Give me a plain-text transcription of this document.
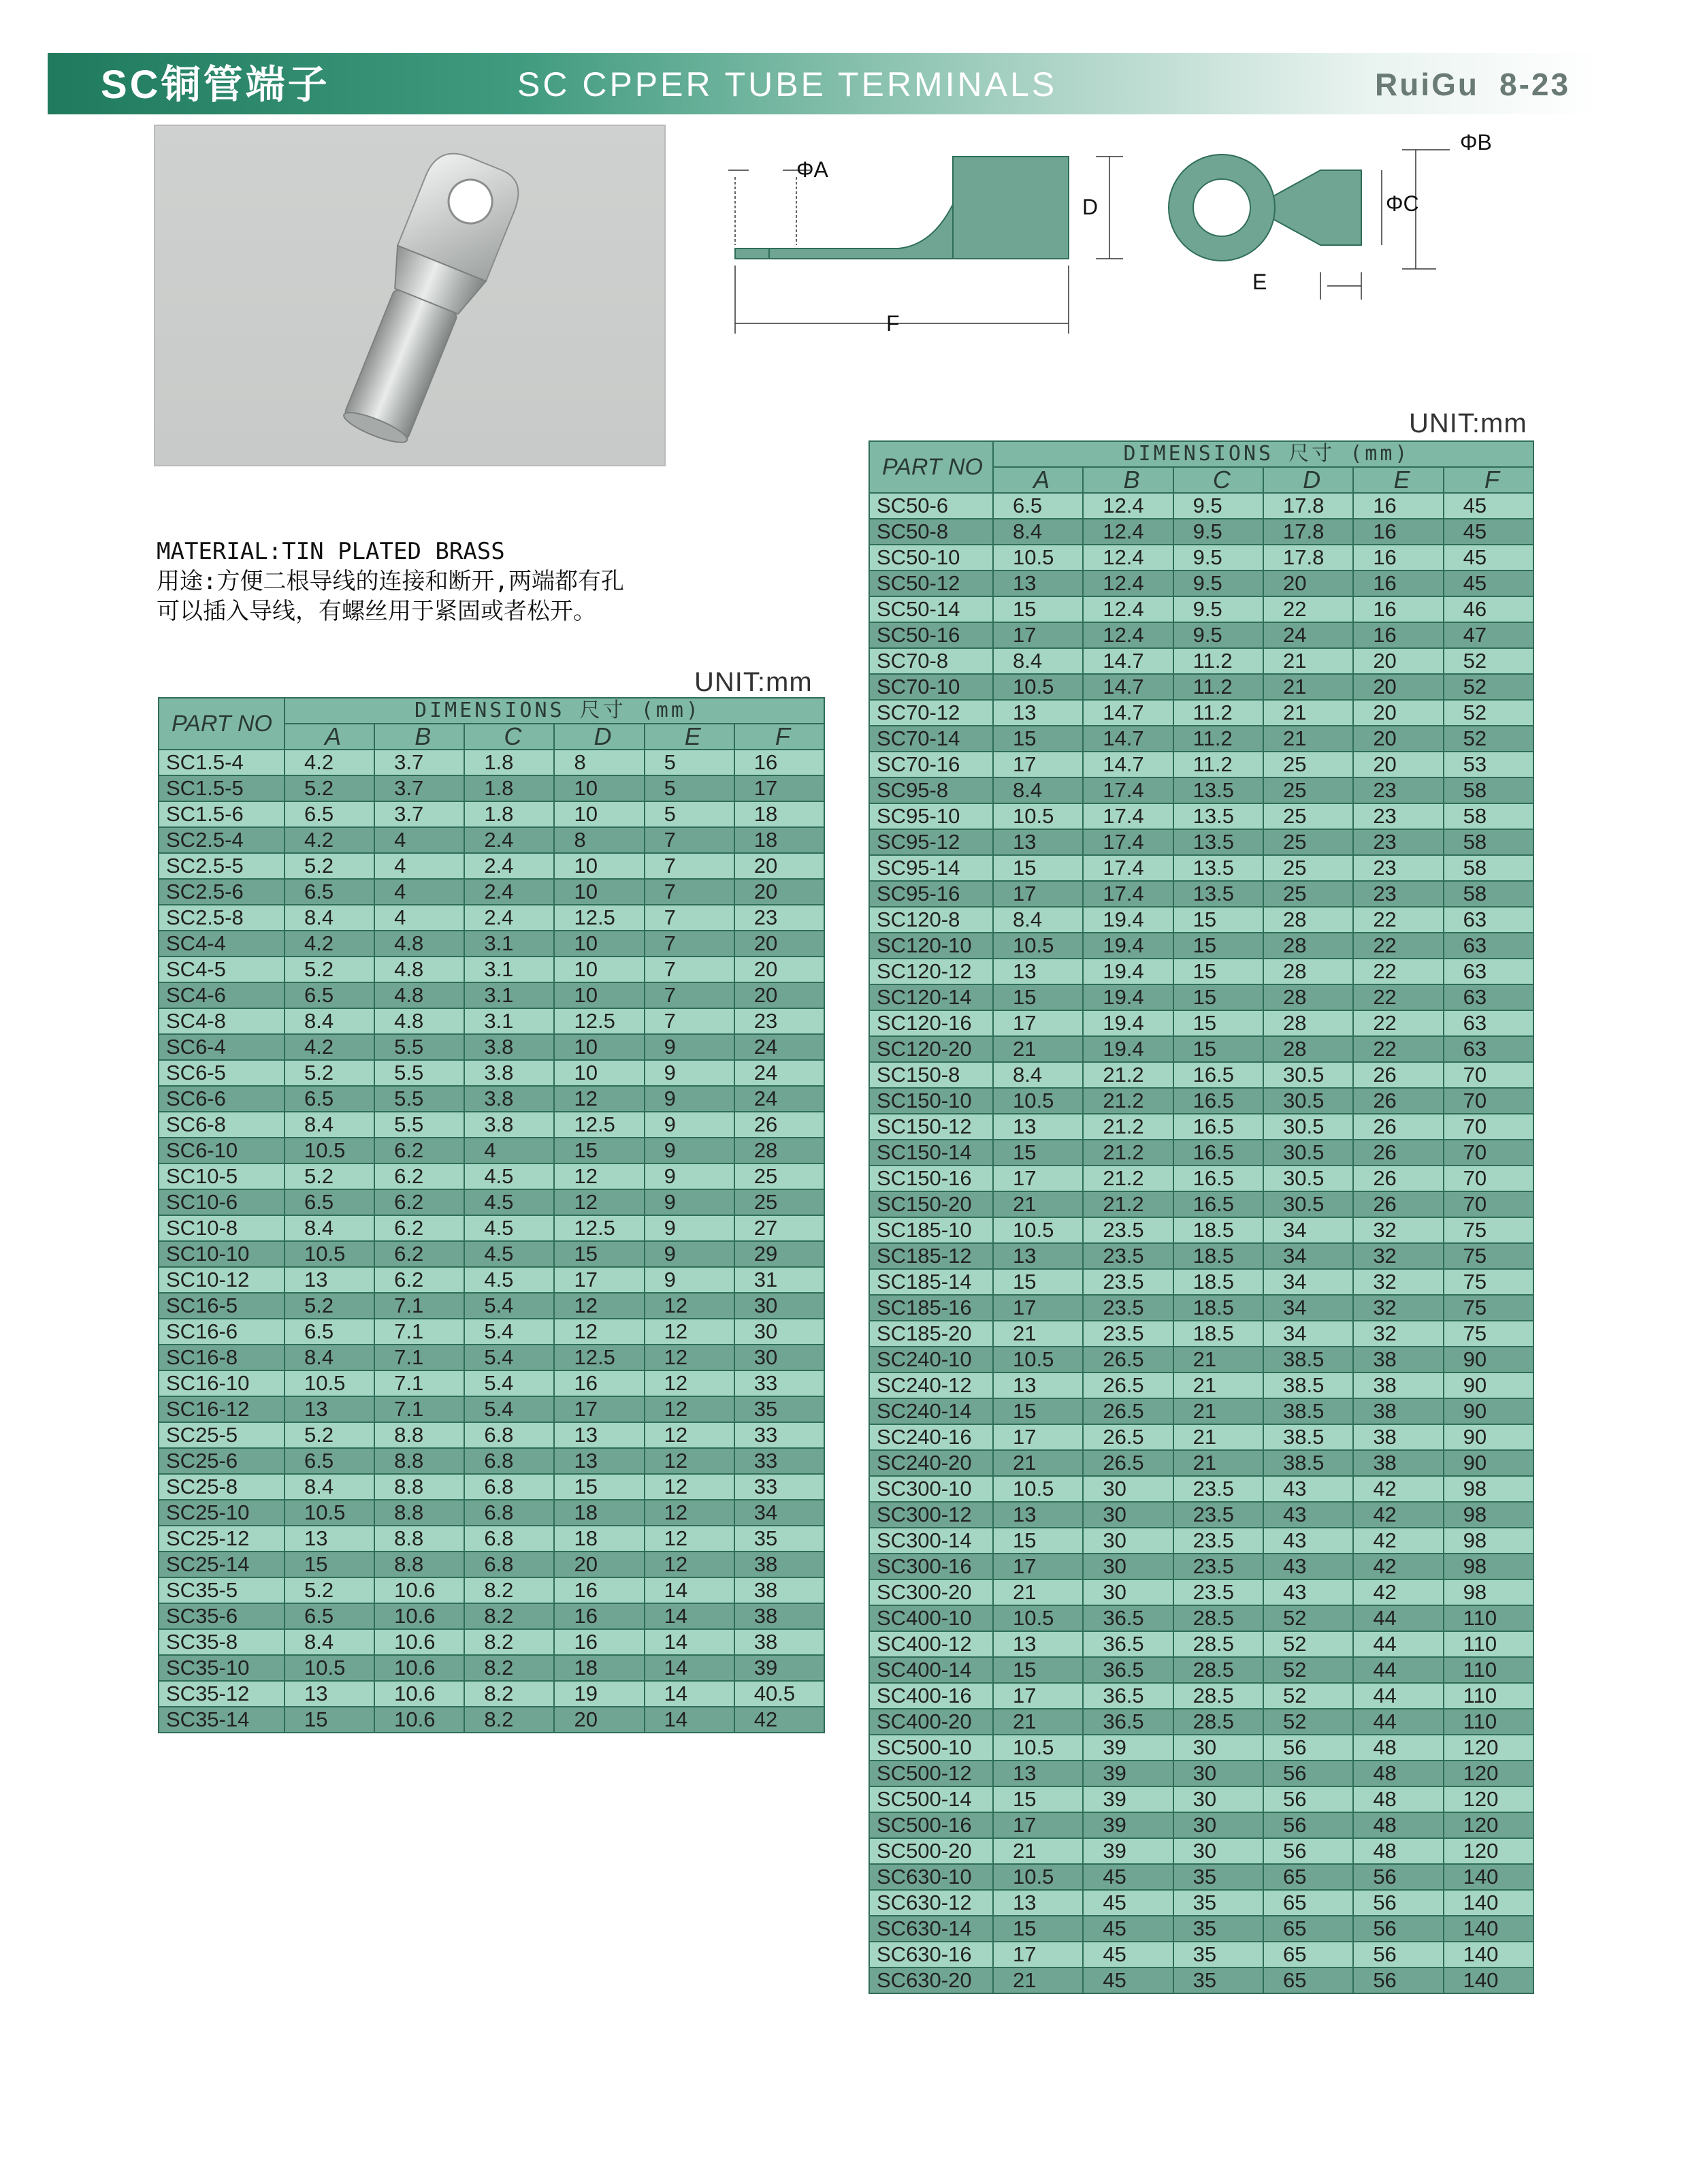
SC铜管端子	SC CPPER TUBE TERMINALS	RuiGu 8-23
ΦA
D
F
ΦB
ΦC
E
MATERIAL:TIN PLATED BRASS
用途:方便二根导线的连接和断开,两端都有孔
可以插入导线，有螺丝用于紧固或者松开。
UNIT:mm
UNIT:mm
PART NO	DIMENSIONS 尺寸 (mm)					
	A	B	C	D	E	F
SC1.5-4	4.2	3.7	1.8	8	5	16
SC1.5-5	5.2	3.7	1.8	10	5	17
SC1.5-6	6.5	3.7	1.8	10	5	18
SC2.5-4	4.2	4	2.4	8	7	18
SC2.5-5	5.2	4	2.4	10	7	20
SC2.5-6	6.5	4	2.4	10	7	20
SC2.5-8	8.4	4	2.4	12.5	7	23
SC4-4	4.2	4.8	3.1	10	7	20
SC4-5	5.2	4.8	3.1	10	7	20
SC4-6	6.5	4.8	3.1	10	7	20
SC4-8	8.4	4.8	3.1	12.5	7	23
SC6-4	4.2	5.5	3.8	10	9	24
SC6-5	5.2	5.5	3.8	10	9	24
SC6-6	6.5	5.5	3.8	12	9	24
SC6-8	8.4	5.5	3.8	12.5	9	26
SC6-10	10.5	6.2	4	15	9	28
SC10-5	5.2	6.2	4.5	12	9	25
SC10-6	6.5	6.2	4.5	12	9	25
SC10-8	8.4	6.2	4.5	12.5	9	27
SC10-10	10.5	6.2	4.5	15	9	29
SC10-12	13	6.2	4.5	17	9	31
SC16-5	5.2	7.1	5.4	12	12	30
SC16-6	6.5	7.1	5.4	12	12	30
SC16-8	8.4	7.1	5.4	12.5	12	30
SC16-10	10.5	7.1	5.4	16	12	33
SC16-12	13	7.1	5.4	17	12	35
SC25-5	5.2	8.8	6.8	13	12	33
SC25-6	6.5	8.8	6.8	13	12	33
SC25-8	8.4	8.8	6.8	15	12	33
SC25-10	10.5	8.8	6.8	18	12	34
SC25-12	13	8.8	6.8	18	12	35
SC25-14	15	8.8	6.8	20	12	38
SC35-5	5.2	10.6	8.2	16	14	38
SC35-6	6.5	10.6	8.2	16	14	38
SC35-8	8.4	10.6	8.2	16	14	38
SC35-10	10.5	10.6	8.2	18	14	39
SC35-12	13	10.6	8.2	19	14	40.5
SC35-14	15	10.6	8.2	20	14	42
PART NO	DIMENSIONS 尺寸 (mm)					
	A	B	C	D	E	F
SC50-6	6.5	12.4	9.5	17.8	16	45
SC50-8	8.4	12.4	9.5	17.8	16	45
SC50-10	10.5	12.4	9.5	17.8	16	45
SC50-12	13	12.4	9.5	20	16	45
SC50-14	15	12.4	9.5	22	16	46
SC50-16	17	12.4	9.5	24	16	47
SC70-8	8.4	14.7	11.2	21	20	52
SC70-10	10.5	14.7	11.2	21	20	52
SC70-12	13	14.7	11.2	21	20	52
SC70-14	15	14.7	11.2	21	20	52
SC70-16	17	14.7	11.2	25	20	53
SC95-8	8.4	17.4	13.5	25	23	58
SC95-10	10.5	17.4	13.5	25	23	58
SC95-12	13	17.4	13.5	25	23	58
SC95-14	15	17.4	13.5	25	23	58
SC95-16	17	17.4	13.5	25	23	58
SC120-8	8.4	19.4	15	28	22	63
SC120-10	10.5	19.4	15	28	22	63
SC120-12	13	19.4	15	28	22	63
SC120-14	15	19.4	15	28	22	63
SC120-16	17	19.4	15	28	22	63
SC120-20	21	19.4	15	28	22	63
SC150-8	8.4	21.2	16.5	30.5	26	70
SC150-10	10.5	21.2	16.5	30.5	26	70
SC150-12	13	21.2	16.5	30.5	26	70
SC150-14	15	21.2	16.5	30.5	26	70
SC150-16	17	21.2	16.5	30.5	26	70
SC150-20	21	21.2	16.5	30.5	26	70
SC185-10	10.5	23.5	18.5	34	32	75
SC185-12	13	23.5	18.5	34	32	75
SC185-14	15	23.5	18.5	34	32	75
SC185-16	17	23.5	18.5	34	32	75
SC185-20	21	23.5	18.5	34	32	75
SC240-10	10.5	26.5	21	38.5	38	90
SC240-12	13	26.5	21	38.5	38	90
SC240-14	15	26.5	21	38.5	38	90
SC240-16	17	26.5	21	38.5	38	90
SC240-20	21	26.5	21	38.5	38	90
SC300-10	10.5	30	23.5	43	42	98
SC300-12	13	30	23.5	43	42	98
SC300-14	15	30	23.5	43	42	98
SC300-16	17	30	23.5	43	42	98
SC300-20	21	30	23.5	43	42	98
SC400-10	10.5	36.5	28.5	52	44	110
SC400-12	13	36.5	28.5	52	44	110
SC400-14	15	36.5	28.5	52	44	110
SC400-16	17	36.5	28.5	52	44	110
SC400-20	21	36.5	28.5	52	44	110
SC500-10	10.5	39	30	56	48	120
SC500-12	13	39	30	56	48	120
SC500-14	15	39	30	56	48	120
SC500-16	17	39	30	56	48	120
SC500-20	21	39	30	56	48	120
SC630-10	10.5	45	35	65	56	140
SC630-12	13	45	35	65	56	140
SC630-14	15	45	35	65	56	140
SC630-16	17	45	35	65	56	140
SC630-20	21	45	35	65	56	140
